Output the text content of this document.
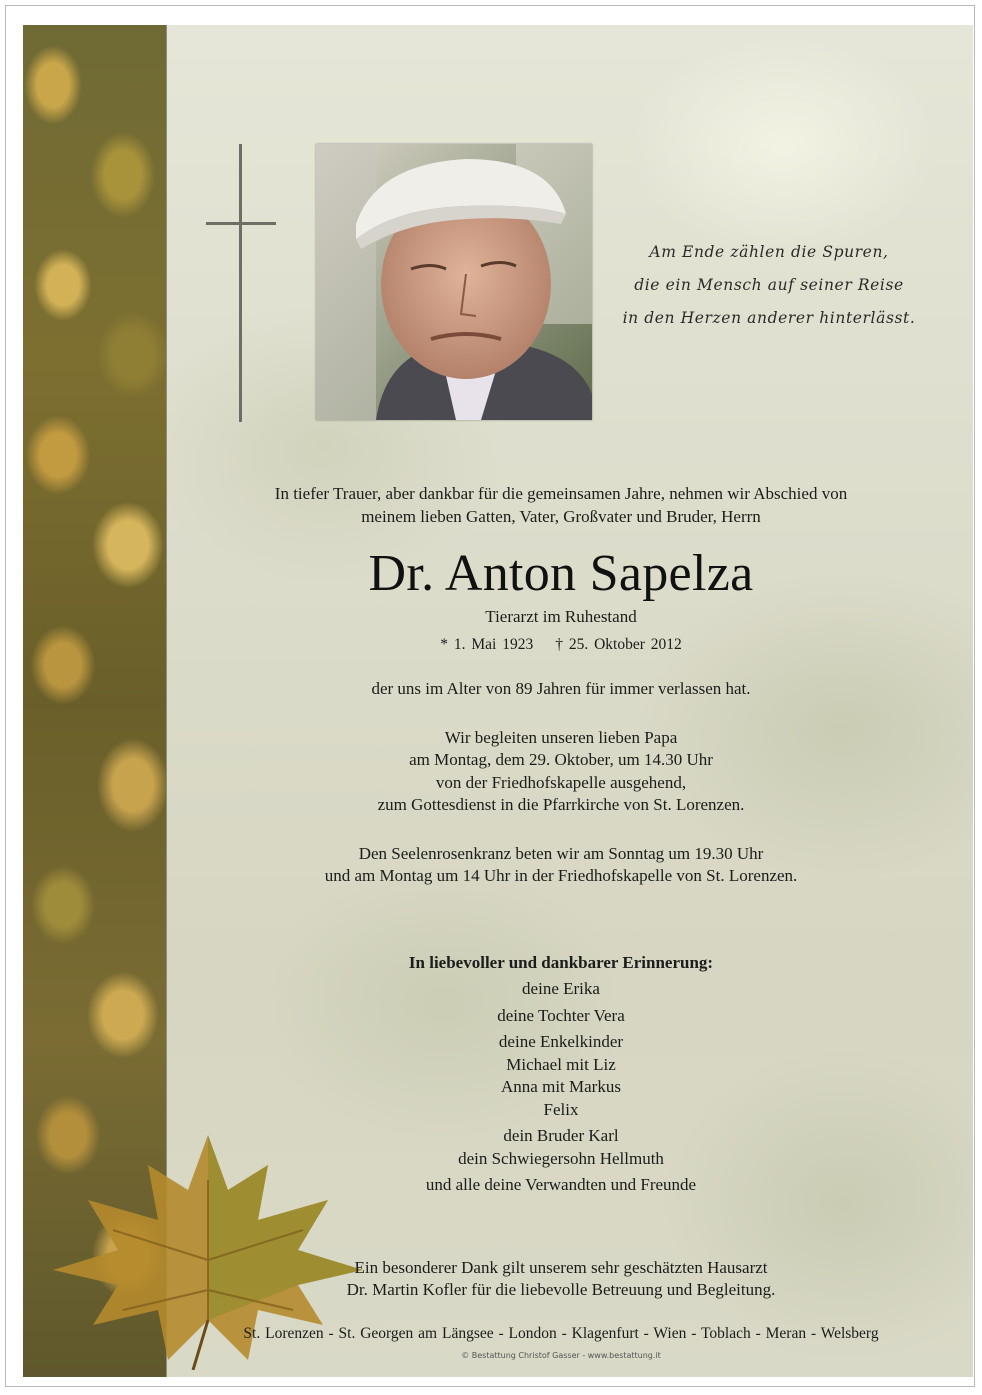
Am Ende zählen die Spuren,
die ein Mensch auf seiner Reise
in den Herzen anderer hinterlässt.
In tiefer Trauer, aber dankbar für die gemeinsamen Jahre, nehmen wir Abschied von
meinem lieben Gatten, Vater, Großvater und Bruder, Herrn
Dr. Anton Sapelza
Tierarzt im Ruhestand
* 1. Mai 1923 † 25. Oktober 2012
der uns im Alter von 89 Jahren für immer verlassen hat.
Wir begleiten unseren lieben Papa
am Montag, dem 29. Oktober, um 14.30 Uhr
von der Friedhofskapelle ausgehend,
zum Gottesdienst in die Pfarrkirche von St. Lorenzen.
Den Seelenrosenkranz beten wir am Sonntag um 19.30 Uhr
und am Montag um 14 Uhr in der Friedhofskapelle von St. Lorenzen.
In liebevoller und dankbarer Erinnerung:
deine Erika
deine Tochter Vera
deine Enkelkinder
Michael mit Liz
Anna mit Markus
Felix
dein Bruder Karl
dein Schwiegersohn Hellmuth
und alle deine Verwandten und Freunde
Ein besonderer Dank gilt unserem sehr geschätzten Hausarzt
Dr. Martin Kofler für die liebevolle Betreuung und Begleitung.
St. Lorenzen - St. Georgen am Längsee - London - Klagenfurt - Wien - Toblach - Meran - Welsberg
© Bestattung Christof Gasser - www.bestattung.it
